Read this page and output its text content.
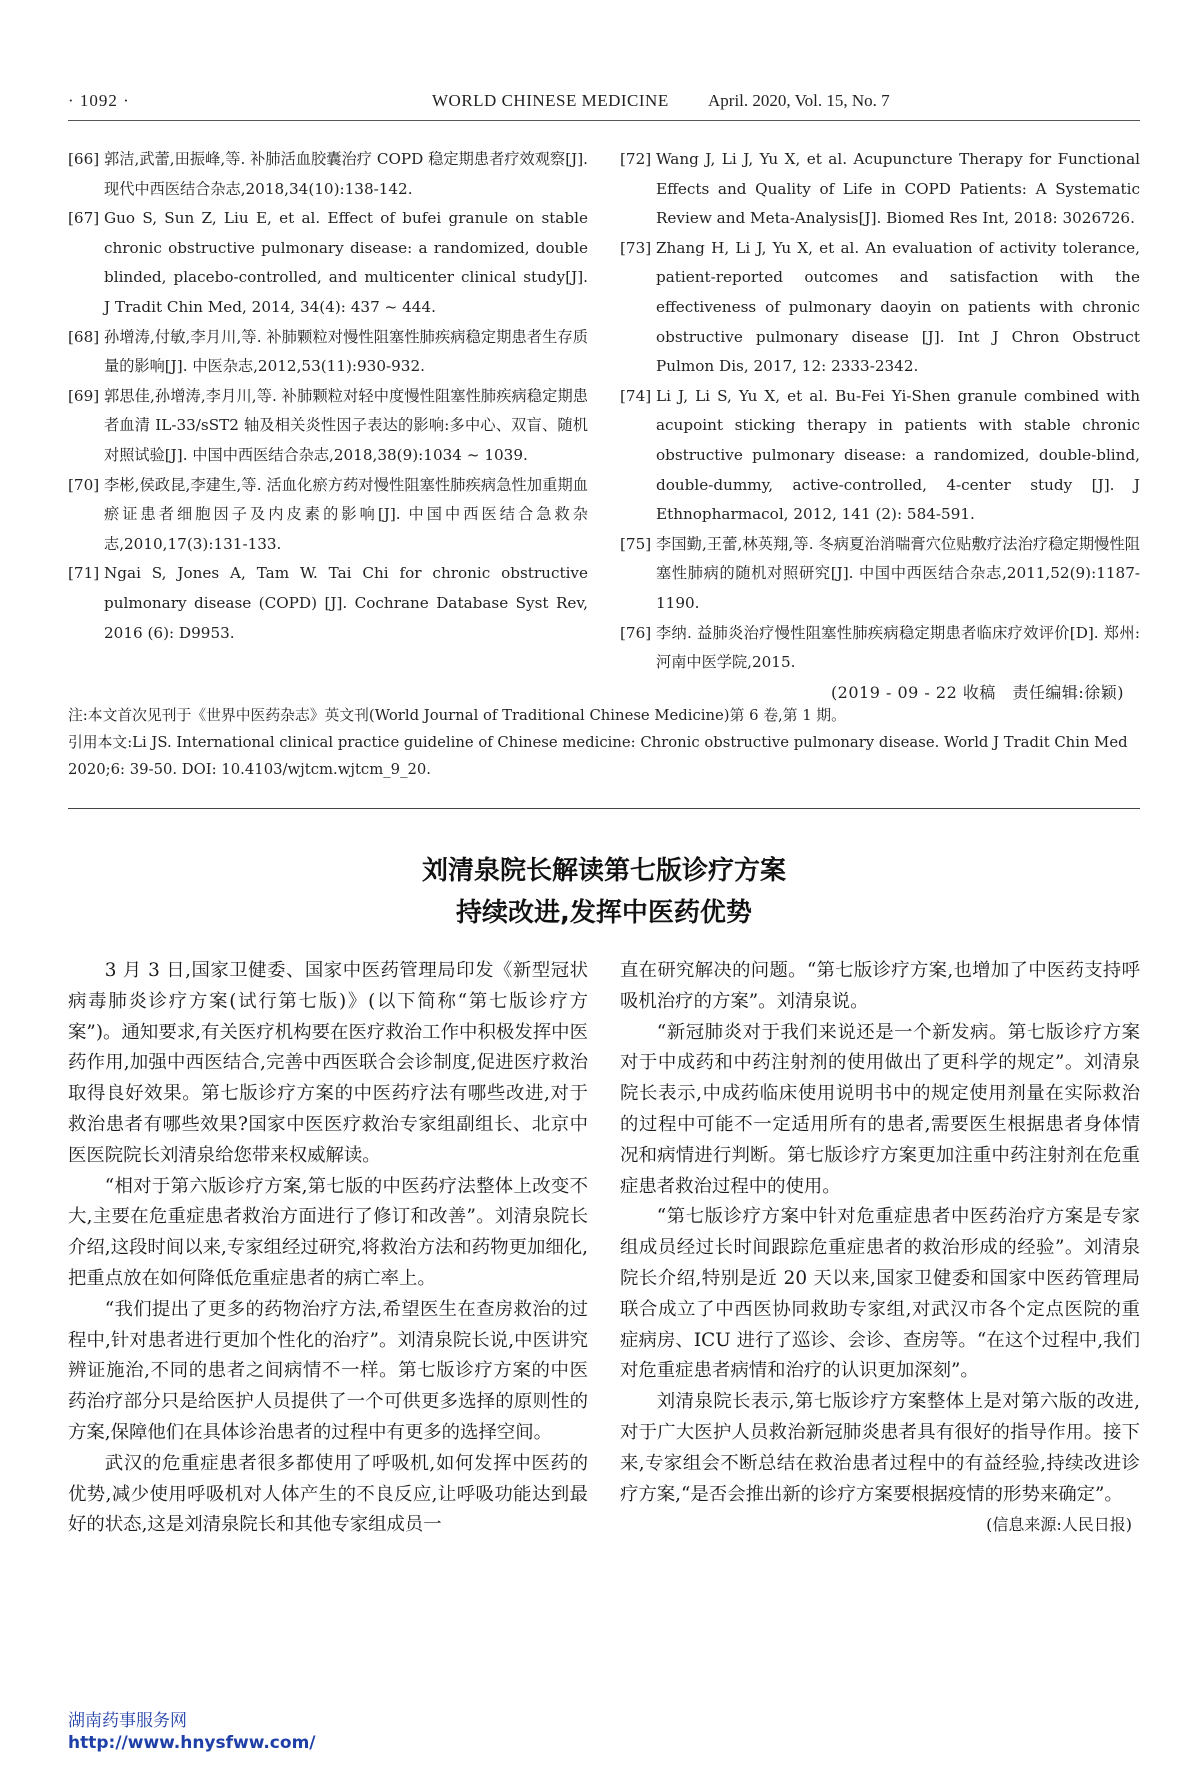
· 1092 ·	WORLD CHINESE MEDICINE April. 2020, Vol. 15, No. 7

[66] 郭洁,武蕾,田振峰,等. 补肺活血胶囊治疗 COPD 稳定期患者疗效观察[J]. 现代中西医结合杂志,2018,34(10):138-142.

[67] Guo S, Sun Z, Liu E, et al. Effect of bufei granule on stable chronic obstructive pulmonary disease: a randomized, double blinded, placebo-controlled, and multicenter clinical study[J]. J Tradit Chin Med, 2014, 34(4): 437 ~ 444.

[68] 孙增涛,付敏,李月川,等. 补肺颗粒对慢性阻塞性肺疾病稳定期患者生存质量的影响[J]. 中医杂志,2012,53(11):930-932.

[69] 郭思佳,孙增涛,李月川,等. 补肺颗粒对轻中度慢性阻塞性肺疾病稳定期患者血清 IL-33/sST2 轴及相关炎性因子表达的影响:多中心、双盲、随机对照试验[J]. 中国中西医结合杂志,2018,38(9):1034 ~ 1039.

[70] 李彬,侯政昆,李建生,等. 活血化瘀方药对慢性阻塞性肺疾病急性加重期血瘀证患者细胞因子及内皮素的影响[J]. 中国中西医结合急救杂志,2010,17(3):131-133.

[71] Ngai S, Jones A, Tam W. Tai Chi for chronic obstructive pulmonary disease (COPD) [J]. Cochrane Database Syst Rev, 2016 (6): D9953.

[72] Wang J, Li J, Yu X, et al. Acupuncture Therapy for Functional Effects and Quality of Life in COPD Patients: A Systematic Review and Meta-Analysis[J]. Biomed Res Int, 2018: 3026726.

[73] Zhang H, Li J, Yu X, et al. An evaluation of activity tolerance, patient-reported outcomes and satisfaction with the effectiveness of pulmonary daoyin on patients with chronic obstructive pulmonary disease [J]. Int J Chron Obstruct Pulmon Dis, 2017, 12: 2333-2342.

[74] Li J, Li S, Yu X, et al. Bu-Fei Yi-Shen granule combined with acupoint sticking therapy in patients with stable chronic obstructive pulmonary disease: a randomized, double-blind, double-dummy, active-controlled, 4-center study [J]. J Ethnopharmacol, 2012, 141 (2): 584-591.

[75] 李国勤,王蕾,林英翔,等. 冬病夏治消喘膏穴位贴敷疗法治疗稳定期慢性阻塞性肺病的随机对照研究[J]. 中国中西医结合杂志,2011,52(9):1187-1190.

[76] 李纳. 益肺炎治疗慢性阻塞性肺疾病稳定期患者临床疗效评价[D]. 郑州:河南中医学院,2015.

(2019 - 09 - 22 收稿　责任编辑:徐颖)

注:本文首次见刊于《世界中医药杂志》英文刊(World Journal of Traditional Chinese Medicine)第 6 卷,第 1 期。

引用本文:Li JS. International clinical practice guideline of Chinese medicine: Chronic obstructive pulmonary disease. World J Tradit Chin Med 2020;6: 39-50. DOI: 10.4103/wjtcm.wjtcm_9_20.

刘清泉院长解读第七版诊疗方案
持续改进,发挥中医药优势

3 月 3 日,国家卫健委、国家中医药管理局印发《新型冠状病毒肺炎诊疗方案(试行第七版)》(以下简称“第七版诊疗方案”)。通知要求,有关医疗机构要在医疗救治工作中积极发挥中医药作用,加强中西医结合,完善中西医联合会诊制度,促进医疗救治取得良好效果。第七版诊疗方案的中医药疗法有哪些改进,对于救治患者有哪些效果?国家中医医疗救治专家组副组长、北京中医医院院长刘清泉给您带来权威解读。

“相对于第六版诊疗方案,第七版的中医药疗法整体上改变不大,主要在危重症患者救治方面进行了修订和改善”。刘清泉院长介绍,这段时间以来,专家组经过研究,将救治方法和药物更加细化,把重点放在如何降低危重症患者的病亡率上。

“我们提出了更多的药物治疗方法,希望医生在查房救治的过程中,针对患者进行更加个性化的治疗”。刘清泉院长说,中医讲究辨证施治,不同的患者之间病情不一样。第七版诊疗方案的中医药治疗部分只是给医护人员提供了一个可供更多选择的原则性的方案,保障他们在具体诊治患者的过程中有更多的选择空间。

武汉的危重症患者很多都使用了呼吸机,如何发挥中医药的优势,减少使用呼吸机对人体产生的不良反应,让呼吸功能达到最好的状态,这是刘清泉院长和其他专家组成员一

直在研究解决的问题。“第七版诊疗方案,也增加了中医药支持呼吸机治疗的方案”。刘清泉说。

“新冠肺炎对于我们来说还是一个新发病。第七版诊疗方案对于中成药和中药注射剂的使用做出了更科学的规定”。刘清泉院长表示,中成药临床使用说明书中的规定使用剂量在实际救治的过程中可能不一定适用所有的患者,需要医生根据患者身体情况和病情进行判断。第七版诊疗方案更加注重中药注射剂在危重症患者救治过程中的使用。

“第七版诊疗方案中针对危重症患者中医药治疗方案是专家组成员经过长时间跟踪危重症患者的救治形成的经验”。刘清泉院长介绍,特别是近 20 天以来,国家卫健委和国家中医药管理局联合成立了中西医协同救助专家组,对武汉市各个定点医院的重症病房、ICU 进行了巡诊、会诊、查房等。“在这个过程中,我们对危重症患者病情和治疗的认识更加深刻”。

刘清泉院长表示,第七版诊疗方案整体上是对第六版的改进,对于广大医护人员救治新冠肺炎患者具有很好的指导作用。接下来,专家组会不断总结在救治患者过程中的有益经验,持续改进诊疗方案,“是否会推出新的诊疗方案要根据疫情的形势来确定”。

(信息来源:人民日报)

湖南药事服务网
http://www.hnysfww.com/
